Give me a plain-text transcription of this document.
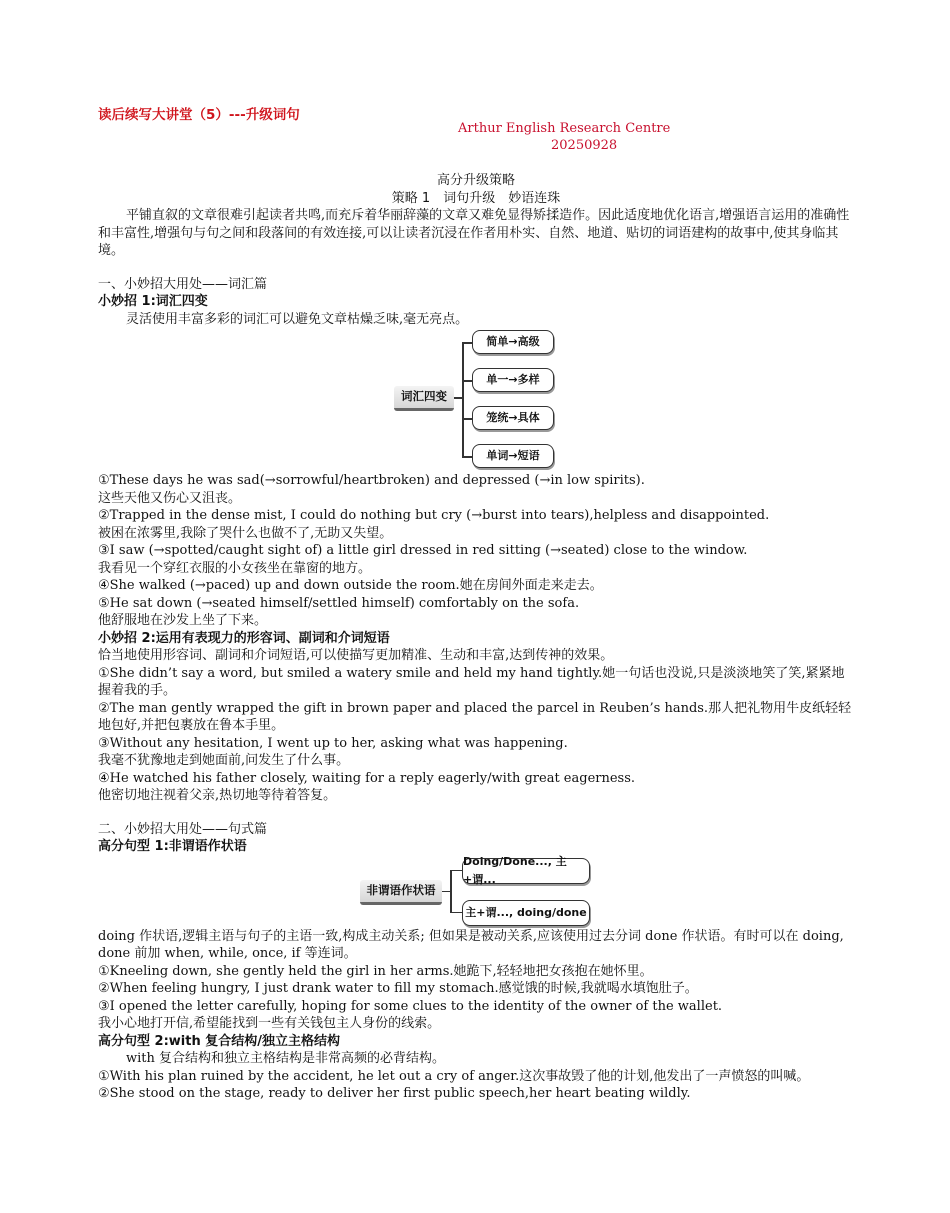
读后续写大讲堂（5）---升级词句
Arthur English Research Centre
20250928

高分升级策略

策略 1　词句升级　妙语连珠

平铺直叙的文章很难引起读者共鸣,而充斥着华丽辞藻的文章又难免显得矫揉造作。因此适度地优化语言,增强语言运用的准确性和丰富性,增强句与句之间和段落间的有效连接,可以让读者沉浸在作者用朴实、自然、地道、贴切的词语建构的故事中,使其身临其境。

一、小妙招大用处——词汇篇

小妙招 1:词汇四变

灵活使用丰富多彩的词汇可以避免文章枯燥乏味,毫无亮点。

词汇四变
简单→高级
单一→多样
笼统→具体
单词→短语

①These days he was sad(→sorrowful/heartbroken) and depressed (→in low spirits).

这些天他又伤心又沮丧。

②Trapped in the dense mist, I could do nothing but cry (→burst into tears),helpless and disappointed.

被困在浓雾里,我除了哭什么也做不了,无助又失望。

③I saw (→spotted/caught sight of) a little girl dressed in red sitting (→seated) close to the window.

我看见一个穿红衣服的小女孩坐在靠窗的地方。

④She walked (→paced) up and down outside the room.她在房间外面走来走去。

⑤He sat down (→seated himself/settled himself) comfortably on the sofa.

他舒服地在沙发上坐了下来。

小妙招 2:运用有表现力的形容词、副词和介词短语

恰当地使用形容词、副词和介词短语,可以使描写更加精准、生动和丰富,达到传神的效果。

①She didn’t say a word, but smiled a watery smile and held my hand tightly.她一句话也没说,只是淡淡地笑了笑,紧紧地握着我的手。

②The man gently wrapped the gift in brown paper and placed the parcel in Reuben’s hands.那人把礼物用牛皮纸轻轻地包好,并把包裹放在鲁本手里。

③Without any hesitation, I went up to her, asking what was happening.

我毫不犹豫地走到她面前,问发生了什么事。

④He watched his father closely, waiting for a reply eagerly/with great eagerness.

他密切地注视着父亲,热切地等待着答复。

二、小妙招大用处——句式篇

高分句型 1:非谓语作状语

非谓语作状语
Doing/Done..., 主+谓...
主+谓..., doing/done

doing 作状语,逻辑主语与句子的主语一致,构成主动关系; 但如果是被动关系,应该使用过去分词 done 作状语。有时可以在 doing, done 前加 when, while, once, if 等连词。

①Kneeling down, she gently held the girl in her arms.她跪下,轻轻地把女孩抱在她怀里。

②When feeling hungry, I just drank water to fill my stomach.感觉饿的时候,我就喝水填饱肚子。

③I opened the letter carefully, hoping for some clues to the identity of the owner of the wallet.

我小心地打开信,希望能找到一些有关钱包主人身份的线索。

高分句型 2:with 复合结构/独立主格结构

with 复合结构和独立主格结构是非常高频的必背结构。

①With his plan ruined by the accident, he let out a cry of anger.这次事故毁了他的计划,他发出了一声愤怒的叫喊。

②She stood on the stage, ready to deliver her first public speech,her heart beating wildly.
